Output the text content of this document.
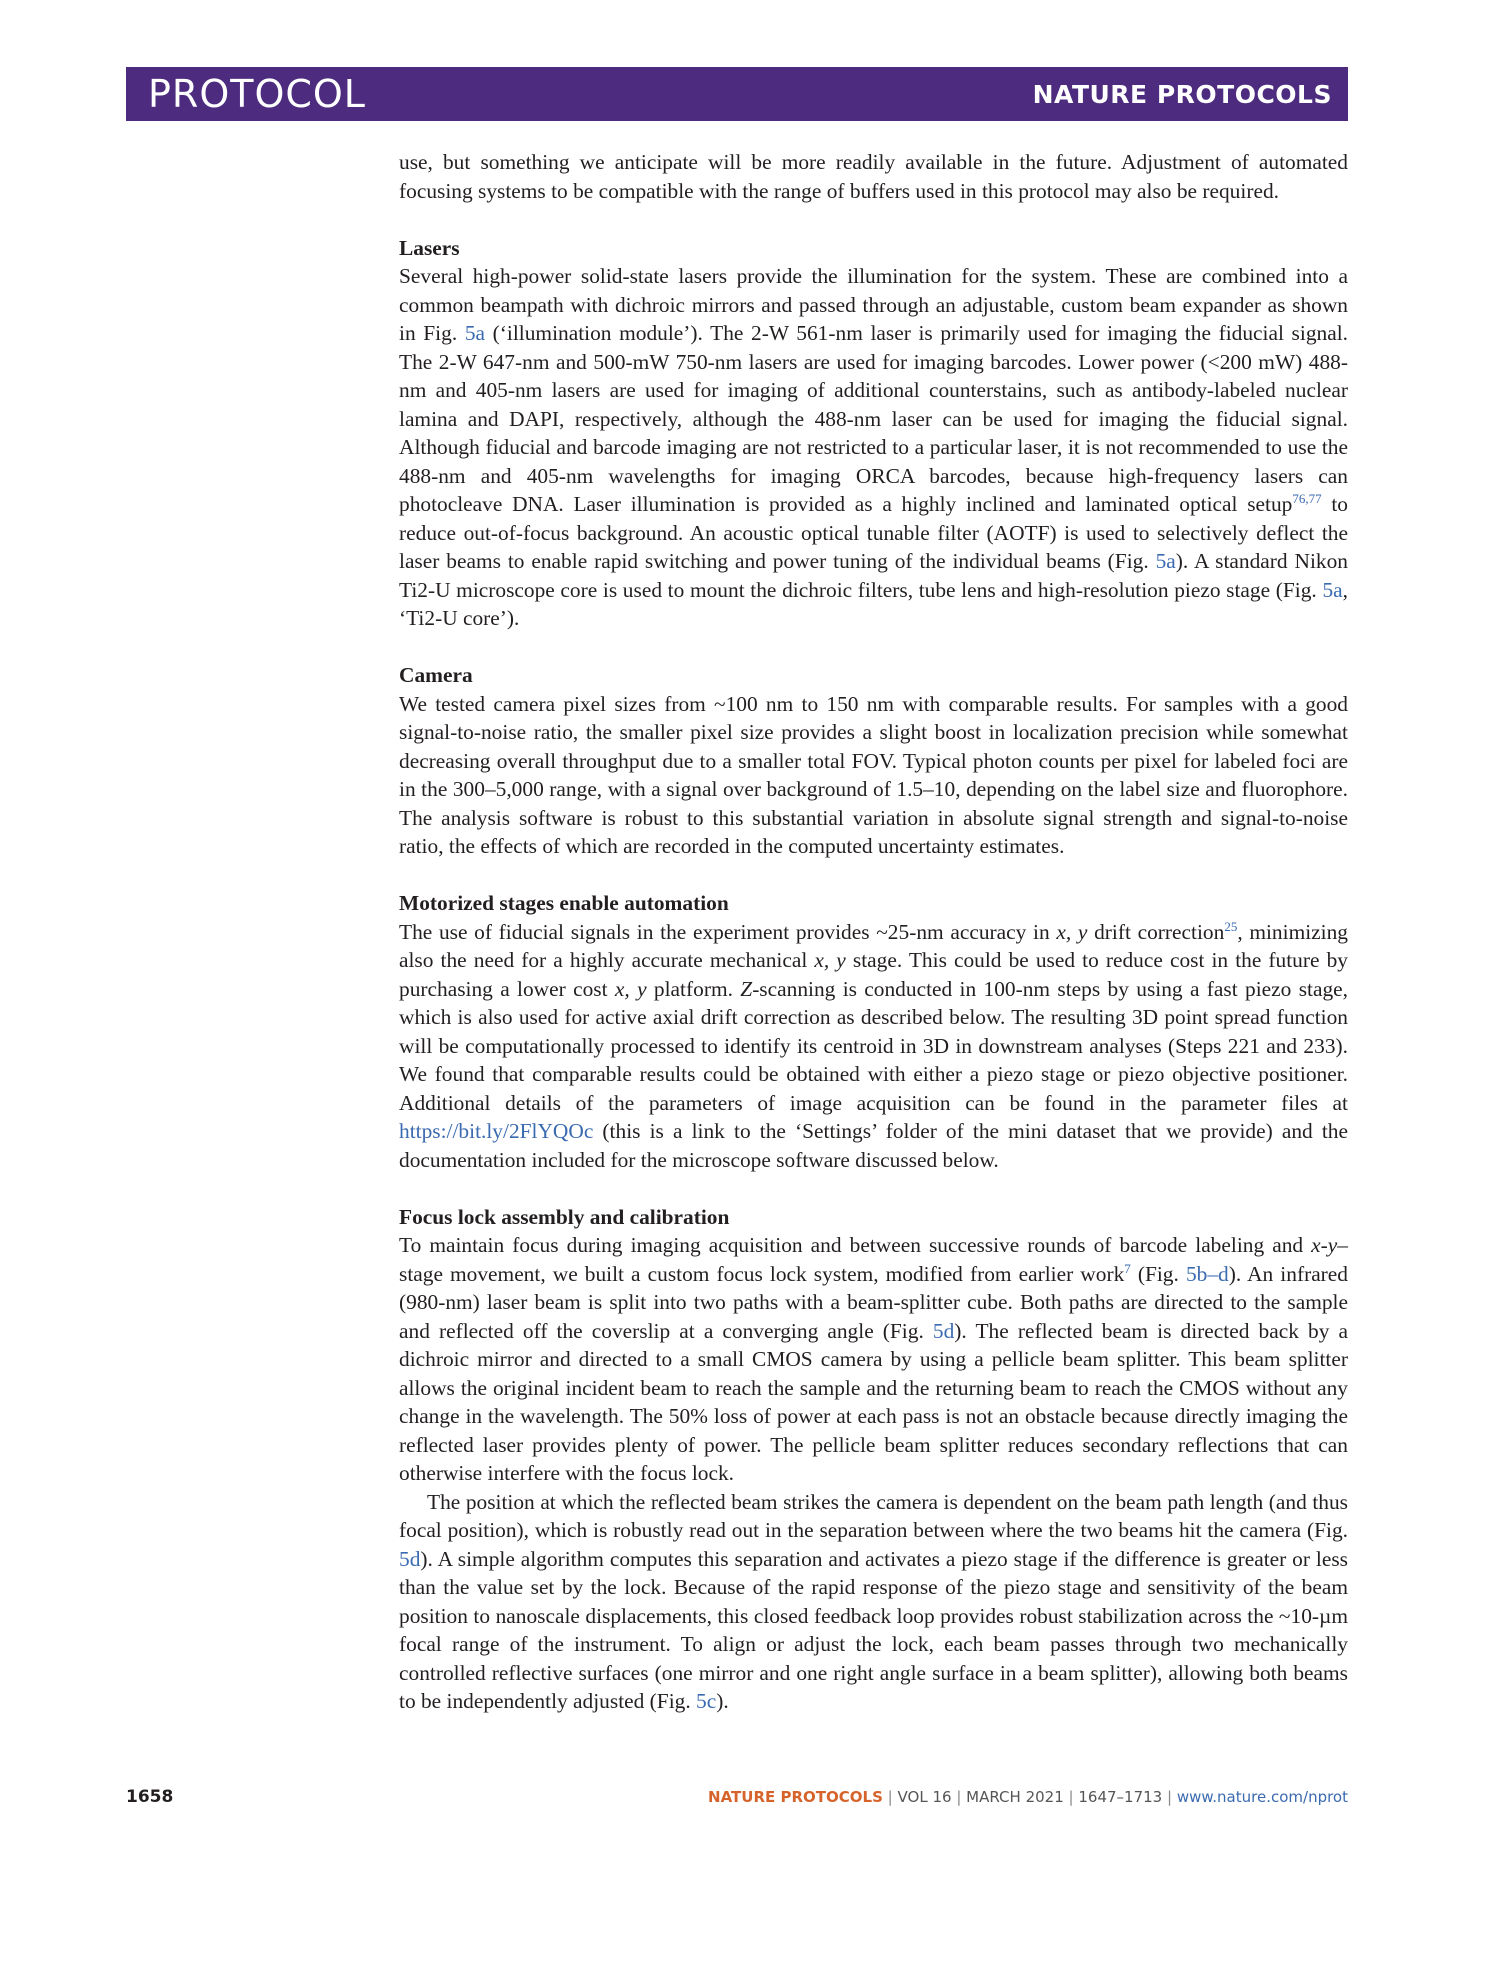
PROTOCOL	NATURE PROTOCOLS

use, but something we anticipate will be more readily available in the future. Adjustment of automated focusing systems to be compatible with the range of buffers used in this protocol may also be required.

Lasers

Several high-power solid-state lasers provide the illumination for the system. These are combined into a common beampath with dichroic mirrors and passed through an adjustable, custom beam expander as shown in Fig. 5a (‘illumination module’). The 2-W 561-nm laser is primarily used for imaging the fiducial signal. The 2-W 647-nm and 500-mW 750-nm lasers are used for imaging barcodes. Lower power (<200 mW) 488-nm and 405-nm lasers are used for imaging of additional counterstains, such as antibody-labeled nuclear lamina and DAPI, respectively, although the 488-nm laser can be used for imaging the fiducial signal. Although fiducial and barcode imaging are not restricted to a particular laser, it is not recommended to use the 488-nm and 405-nm wavelengths for imaging ORCA barcodes, because high-frequency lasers can photocleave DNA. Laser illumination is provided as a highly inclined and laminated optical setup$^{76,77}$ to reduce out-of-focus background. An acoustic optical tunable filter (AOTF) is used to selectively deflect the laser beams to enable rapid switching and power tuning of the individual beams (Fig. 5a). A standard Nikon Ti2-U microscope core is used to mount the dichroic filters, tube lens and high-resolution piezo stage (Fig. 5a, ‘Ti2-U core’).

Camera

We tested camera pixel sizes from ~100 nm to 150 nm with comparable results. For samples with a good signal-to-noise ratio, the smaller pixel size provides a slight boost in localization precision while somewhat decreasing overall throughput due to a smaller total FOV. Typical photon counts per pixel for labeled foci are in the 300–5,000 range, with a signal over background of 1.5–10, depending on the label size and fluorophore. The analysis software is robust to this substantial variation in absolute signal strength and signal-to-noise ratio, the effects of which are recorded in the computed uncertainty estimates.

Motorized stages enable automation

The use of fiducial signals in the experiment provides ~25-nm accuracy in x, y drift correction$^{25}$, minimizing also the need for a highly accurate mechanical x, y stage. This could be used to reduce cost in the future by purchasing a lower cost x, y platform. Z-scanning is conducted in 100-nm steps by using a fast piezo stage, which is also used for active axial drift correction as described below. The resulting 3D point spread function will be computationally processed to identify its centroid in 3D in downstream analyses (Steps 221 and 233). We found that comparable results could be obtained with either a piezo stage or piezo objective positioner. Additional details of the parameters of image acquisition can be found in the parameter files at https://bit.ly/2FlYQOc (this is a link to the ‘Settings’ folder of the mini dataset that we provide) and the documentation included for the microscope software discussed below.

Focus lock assembly and calibration

To maintain focus during imaging acquisition and between successive rounds of barcode labeling and x-y–stage movement, we built a custom focus lock system, modified from earlier work$^7$ (Fig. 5b–d). An infrared (980-nm) laser beam is split into two paths with a beam-splitter cube. Both paths are directed to the sample and reflected off the coverslip at a converging angle (Fig. 5d). The reflected beam is directed back by a dichroic mirror and directed to a small CMOS camera by using a pellicle beam splitter. This beam splitter allows the original incident beam to reach the sample and the returning beam to reach the CMOS without any change in the wavelength. The 50% loss of power at each pass is not an obstacle because directly imaging the reflected laser provides plenty of power. The pellicle beam splitter reduces secondary reflections that can otherwise interfere with the focus lock.

The position at which the reflected beam strikes the camera is dependent on the beam path length (and thus focal position), which is robustly read out in the separation between where the two beams hit the camera (Fig. 5d). A simple algorithm computes this separation and activates a piezo stage if the difference is greater or less than the value set by the lock. Because of the rapid response of the piezo stage and sensitivity of the beam position to nanoscale displacements, this closed feedback loop provides robust stabilization across the ~10-µm focal range of the instrument. To align or adjust the lock, each beam passes through two mechanically controlled reflective surfaces (one mirror and one right angle surface in a beam splitter), allowing both beams to be independently adjusted (Fig. 5c).

1658	NATURE PROTOCOLS | VOL 16 | MARCH 2021 | 1647–1713 | www.nature.com/nprot
